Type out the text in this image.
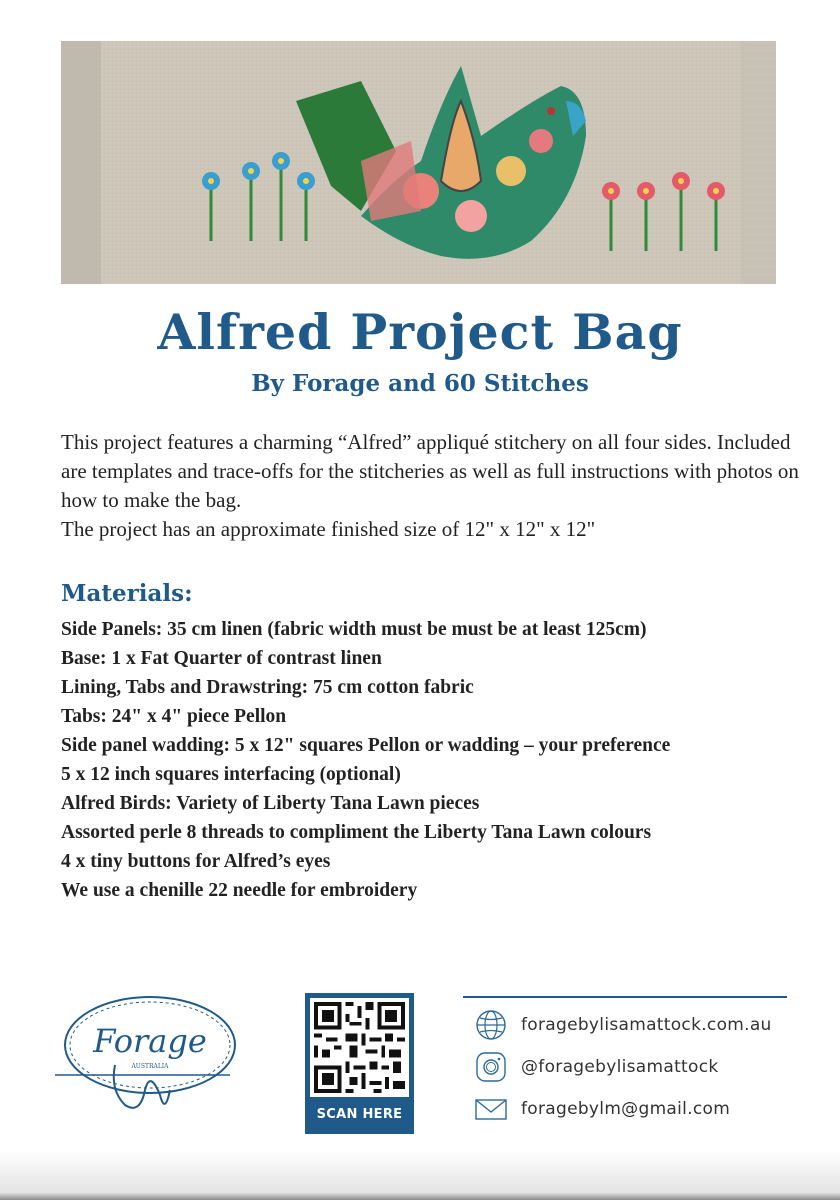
Alfred Project Bag
By Forage and 60 Stitches

This project features a charming “Alfred” appliqué stitchery on all four sides. Included are templates and trace-offs for the stitcheries as well as full instructions with photos on how to make the bag.

The project has an approximate finished size of 12" x 12" x 12"

Materials:
Side Panels: 35 cm linen (fabric width must be must be at least 125cm)
Base: 1 x Fat Quarter of contrast linen
Lining, Tabs and Drawstring: 75 cm cotton fabric
Tabs: 24" x 4" piece Pellon
Side panel wadding: 5 x 12" squares Pellon or wadding – your preference
5 x 12 inch squares interfacing (optional)
Alfred Birds: Variety of Liberty Tana Lawn pieces
Assorted perle 8 threads to compliment the Liberty Tana Lawn colours
4 x tiny buttons for Alfred’s eyes
We use a chenille 22 needle for embroidery
Forage
AUSTRALIA
SCAN HERE
foragebylisamattock.com.au
@foragebylisamattock
foragebylm@gmail.com
